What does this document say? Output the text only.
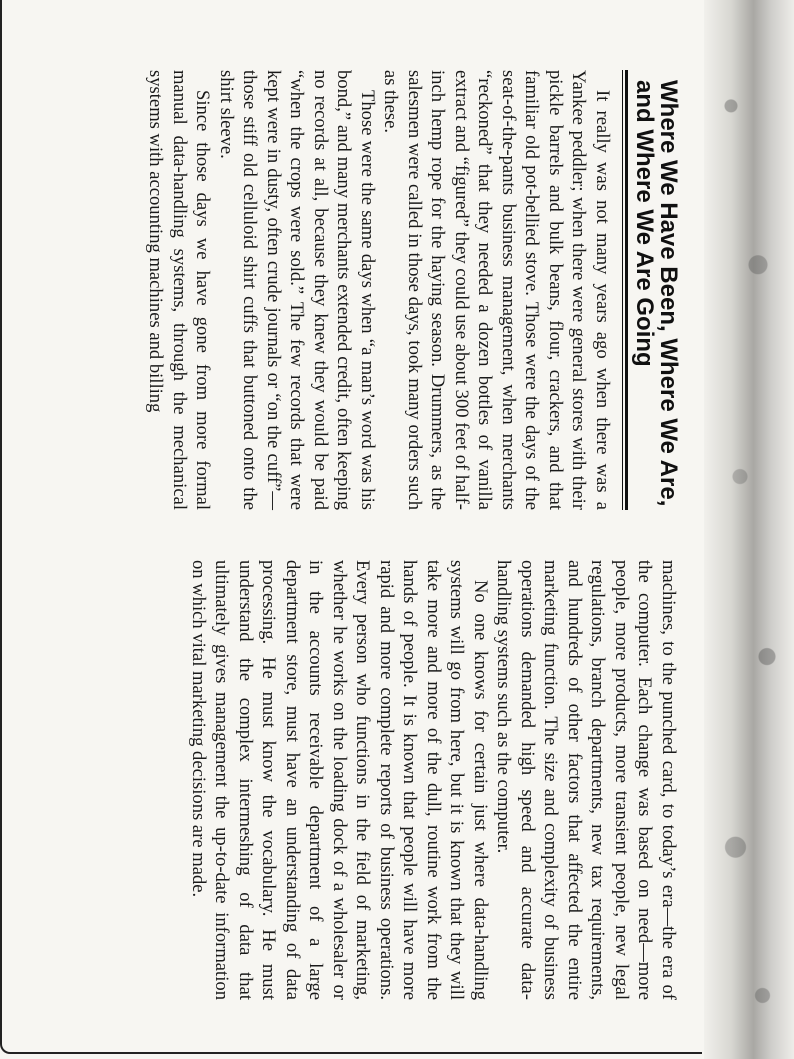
Where We Have Been, Where We Are,
and Where We Are Going

It really was not many years ago when there was a Yankee peddler; when there were general stores with their pickle barrels and bulk beans, flour, crackers, and that familiar old pot-bellied stove. Those were the days of the seat-of-the-pants business management, when merchants “reckoned” that they needed a dozen bottles of vanilla extract and “figured” they could use about 300 feet of half-inch hemp rope for the haying season. Drummers, as the salesmen were called in those days, took many orders such as these.

Those were the same days when “a man’s word was his bond,” and many merchants extended credit, often keeping no records at all, because they knew they would be paid “when the crops were sold.” The few records that were kept were in dusty, often crude journals or “on the cuff”—those stiff old celluloid shirt cuffs that buttoned onto the shirt sleeve.

Since those days we have gone from more formal manual data-handling systems, through the mechanical systems with accounting machines and billing

machines, to the punched card, to today’s era—the era of the computer. Each change was based on need—more people, more products, more transient people, new legal regulations, branch departments, new tax requirements, and hundreds of other factors that affected the entire marketing function. The size and complexity of business operations demanded high speed and accurate data-handling systems such as the computer.

No one knows for certain just where data-handling systems will go from here, but it is known that they will take more and more of the dull, routine work from the hands of people. It is known that people will have more rapid and more complete reports of business operations. Every person who functions in the field of marketing, whether he works on the loading dock of a wholesaler or in the accounts receivable department of a large department store, must have an understanding of data processing. He must know the vocabulary. He must understand the complex intermeshing of data that ultimately gives management the up-to-date information on which vital marketing decisions are made.
